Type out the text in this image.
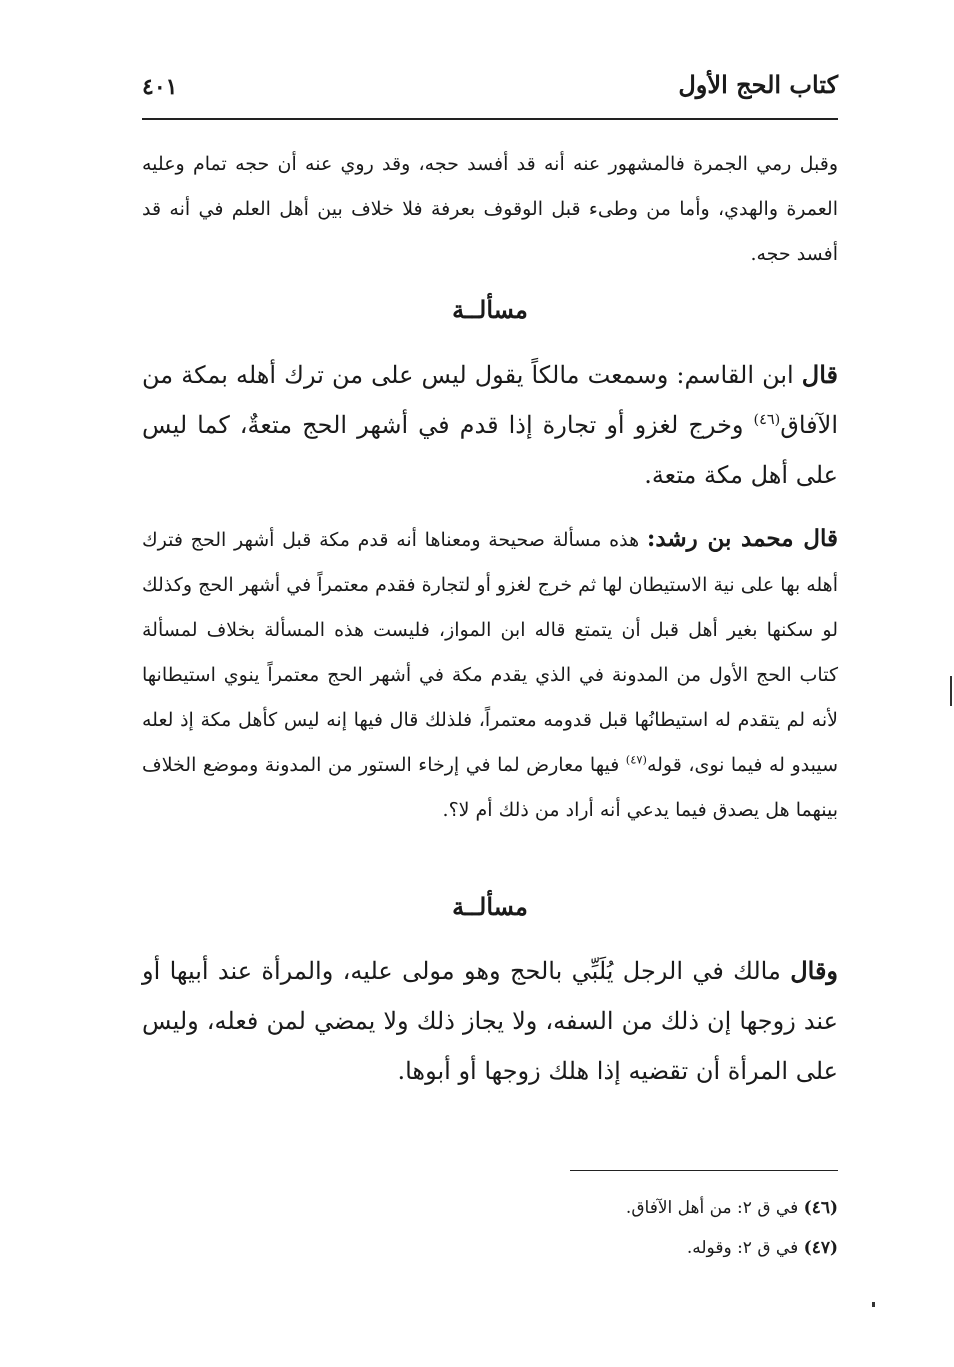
كتاب الحج الأول
٤٠١
وقبل رمي الجمرة فالمشهور عنه أنه قد أفسد حجه، وقد روي عنه أن حجه تمام وعليه العمرة والهدي، وأما من وطىء قبل الوقوف بعرفة فلا خلاف بين أهل العلم في أنه قد أفسد حجه.
مسألــة
قال ابن القاسم: وسمعت مالكاً يقول ليس على من ترك أهله بمكة من الآفاق$^{(٤٦)}$ وخرج لغزو أو تجارة إذا قدم في أشهر الحج متعةٌ، كما ليس على أهل مكة متعة.
قال محمد بن رشد: هذه مسألة صحيحة ومعناها أنه قدم مكة قبل أشهر الحج فترك أهله بها على نية الاستيطان لها ثم خرج لغزو أو لتجارة فقدم معتمراً في أشهر الحج وكذلك لو سكنها بغير أهل قبل أن يتمتع قاله ابن المواز، فليست هذه المسألة بخلاف لمسألة كتاب الحج الأول من المدونة في الذي يقدم مكة في أشهر الحج معتمراً ينوي استيطانها لأنه لم يتقدم له استيطانُها قبل قدومه معتمراً، فلذلك قال فيها إنه ليس كأهل مكة إذ لعله سيبدو له فيما نوى، قوله$^{(٤٧)}$ فيها معارض لما في إرخاء الستور من المدونة وموضع الخلاف بينهما هل يصدق فيما يدعي أنه أراد من ذلك أم لا؟.
مسألــة
وقال مالك في الرجل يُلَبِّي بالحج وهو مولى عليه، والمرأة عند أبيها أو عند زوجها إن ذلك من السفه، ولا يجاز ذلك ولا يمضي لمن فعله، وليس على المرأة أن تقضيه إذا هلك زوجها أو أبوها.
(٤٦) في ق ٢: من أهل الآفاق.
(٤٧) في ق ٢: وقوله.
